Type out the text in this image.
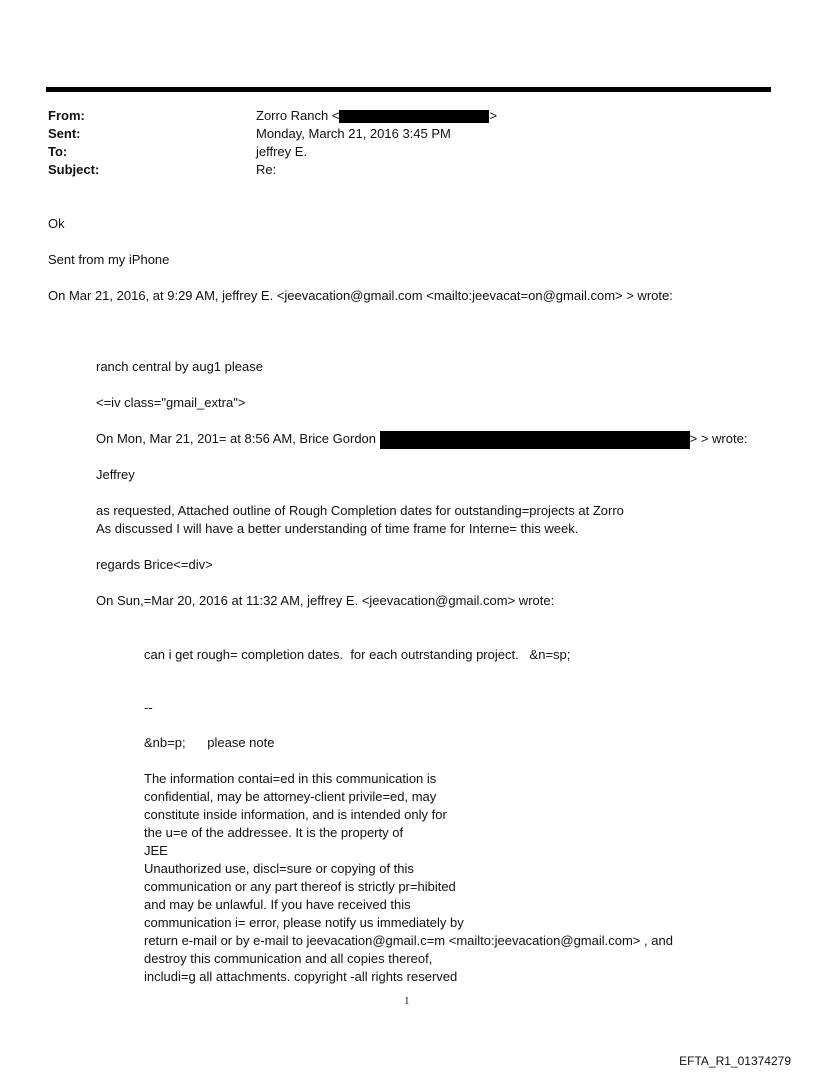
From:	Zorro Ranch <	>
Sent:	Monday, March 21, 2016 3:45 PM
To:	jeffrey E.
Subject:	Re:
Ok
Sent from my iPhone
On Mar 21, 2016, at 9:29 AM, jeffrey E. <jeevacation@gmail.com <mailto:jeevacat=on@gmail.com> > wrote:
ranch central by aug1 please
<=iv class="gmail_extra">
On Mon, Mar 21, 201= at 8:56 AM, Brice Gordon	> > wrote:
Jeffrey
as requested, Attached outline of Rough Completion dates for outstanding=projects at Zorro
As discussed I will have a better understanding of time frame for Interne= this week.
regards Brice<=div>
On Sun,=Mar 20, 2016 at 11:32 AM, jeffrey E. <jeevacation@gmail.com> wrote:
can i get rough= completion dates.  for each outrstanding project.   &n=sp;
--
&nb=p;      please note
The information contai=ed in this communication is
confidential, may be attorney-client privile=ed, may
constitute inside information, and is intended only for
the u=e of the addressee. It is the property of
JEE
Unauthorized use, discl=sure or copying of this
communication or any part thereof is strictly pr=hibited
and may be unlawful. If you have received this
communication i= error, please notify us immediately by
return e-mail or by e-mail to jeevacation@gmail.c=m <mailto:jeevacation@gmail.com> , and
destroy this communication and all copies thereof,
includi=g all attachments. copyright -all rights reserved
1
EFTA_R1_01374279
